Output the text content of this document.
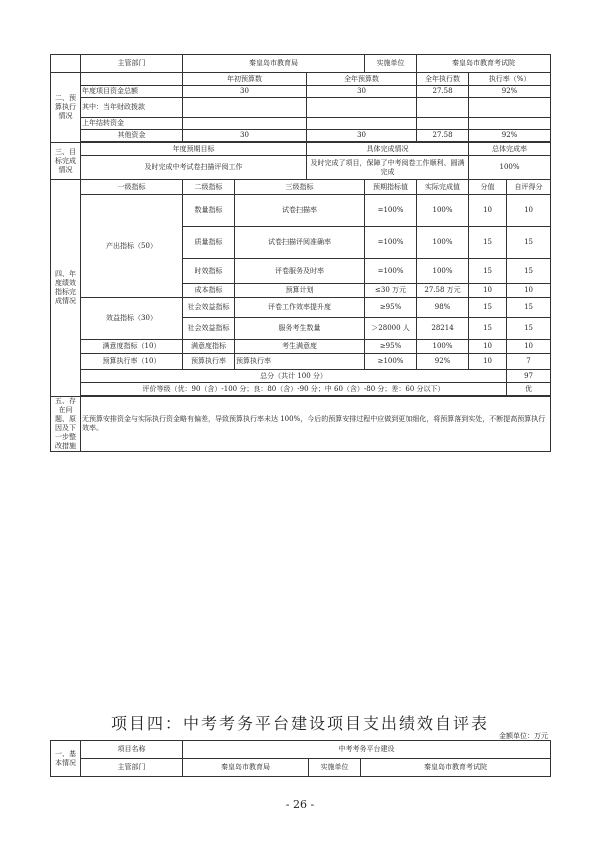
	主管部门	秦皇岛市教育局			实施单位	秦皇岛市教育考试院		
二、预算执行情况		年初预算数		全年预算数		全年执行数	执行率（%）	
	年度项目资金总额	30		30		27.58	92%	
	其中：当年财政拨款							
	上年结转资金							
	其他资金	30		30		27.58	92%	

三、目标完成情况	年度预期目标			具体完成情况			总体完成率	
	及时完成中考试卷扫描评阅工作			及时完成了项目，保障了中考阅卷工作顺利、圆满完成			100%	
四、年度绩效指标完成情况	一级指标	二级指标	三级指标		预期指标值	实际完成值	分值	自评得分
	产出指标（50）	数量指标	试卷扫描率		=100%	100%	10	10
		质量指标	试卷扫描评阅准确率		=100%	100%	15	15
		时效指标	评卷服务及时率		=100%	100%	15	15
		成本指标	预算计划		≤30 万元	27.58 万元	10	10
	效益指标（30）	社会效益指标	评卷工作效率提升度		≥95%	98%	15	15
		社会效益指标	服务考生数量		＞28000 人	28214	15	15
	满意度指标（10）	满意度指标	考生满意度		≥95%	100%	10	10
	预算执行率（10）	预算执行率	预算执行率		≥100%	92%	10	7
	总分（共计 100 分）							97
	评价等级（优：90（含）-100 分；良：80（含）-90 分；中 60（含）-80 分；差：60 分以下）							优

五、存在问题、原因及下一步整改措施	无预算安排资金与实际执行资金略有偏差，导致预算执行率未达 100%，今后的预算安排过程中应做到更加细化，将预算落到实处，不断提高预算执行效率。							
项目四：中考考务平台建设项目支出绩效自评表
金额单位：万元
一、基本情况	项目名称	中考考务平台建设		
	主管部门	秦皇岛市教育局	实施单位	秦皇岛市教育考试院
- 26 -
